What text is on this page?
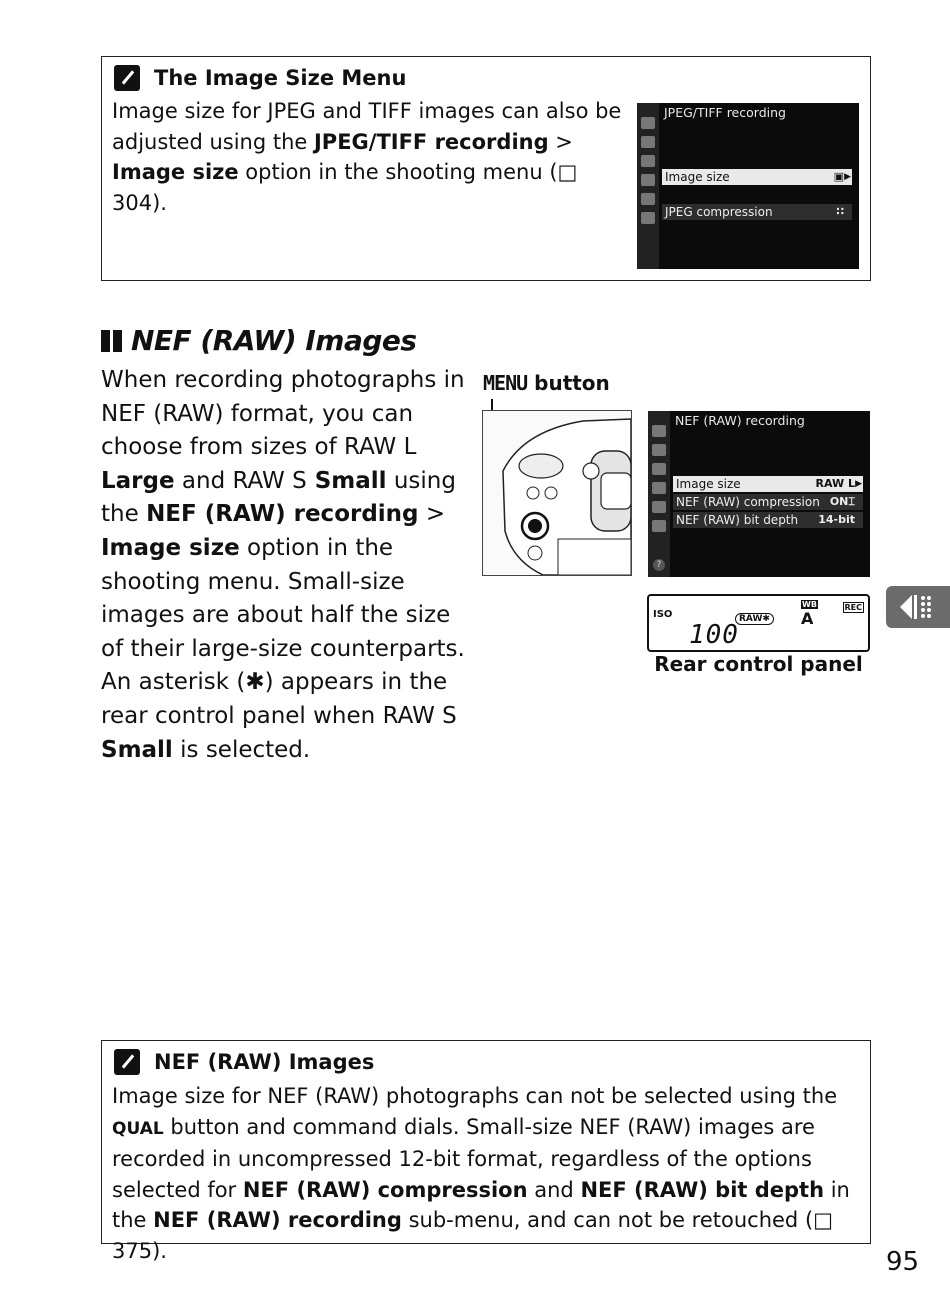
The Image Size Menu
Image size for JPEG and TIFF images can also be adjusted using the JPEG/TIFF recording > Image size option in the shooting menu (□ 304).
JPEG/TIFF recording
Image size	▣ ▶
JPEG compression	∷
NEF (RAW) Images
When recording photographs in NEF (RAW) format, you can choose from sizes of RAW L Large and RAW S Small using the NEF (RAW) recording > Image size option in the shooting menu. Small-size images are about half the size of their large-size counterparts. An asterisk (✱) appears in the rear control panel when RAW S Small is selected.
MENU button
NEF (RAW) recording
Image size	RAW L ▶
NEF (RAW) compression ON⌶
NEF (RAW) bit depth 14-bit
?
ISO
100
RAW✱
WB
A
REC
Rear control panel
NEF (RAW) Images
Image size for NEF (RAW) photographs can not be selected using the QUAL button and command dials. Small-size NEF (RAW) images are recorded in uncompressed 12-bit format, regardless of the options selected for NEF (RAW) compression and NEF (RAW) bit depth in the NEF (RAW) recording sub-menu, and can not be retouched (□ 375).	95
